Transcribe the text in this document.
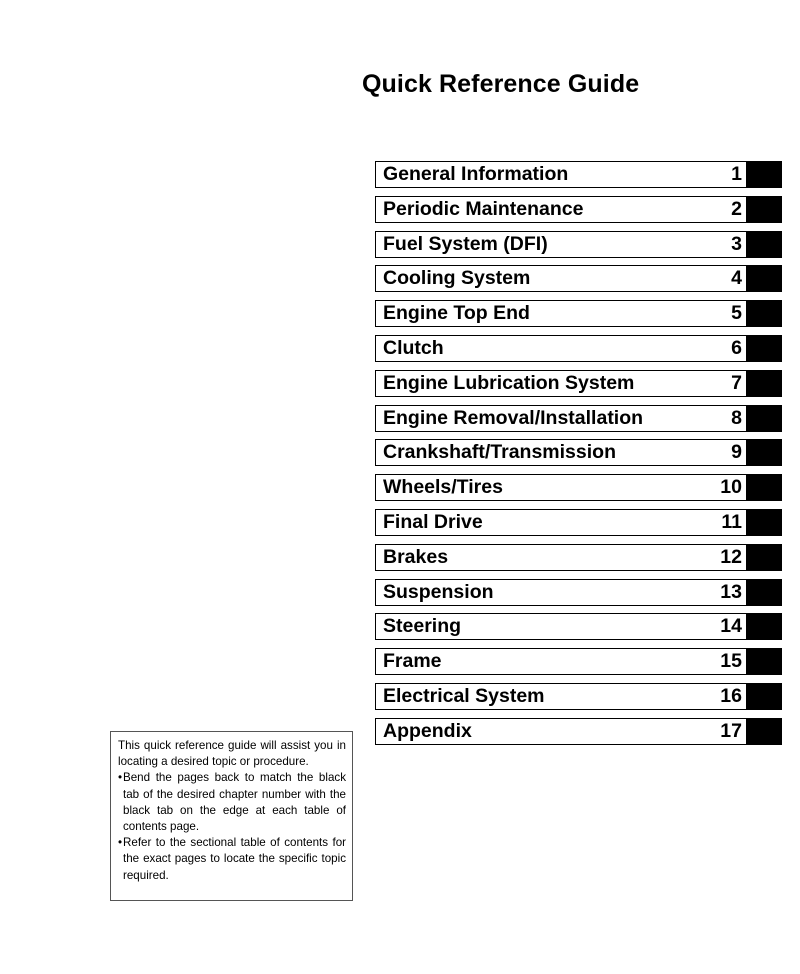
Quick Reference Guide
General Information	1
Periodic Maintenance	2
Fuel System (DFI)	3
Cooling System	4
Engine Top End	5
Clutch	6
Engine Lubrication System	7
Engine Removal/Installation	8
Crankshaft/Transmission	9
Wheels/Tires	10
Final Drive	11
Brakes	12
Suspension	13
Steering	14
Frame	15
Electrical System	16
Appendix	17

This quick reference guide will assist you in locating a desired topic or procedure.

• Bend the pages back to match the black tab of the desired chapter number with the black tab on the edge at each table of contents page.
• Refer to the sectional table of contents for the exact pages to locate the specific topic required.
